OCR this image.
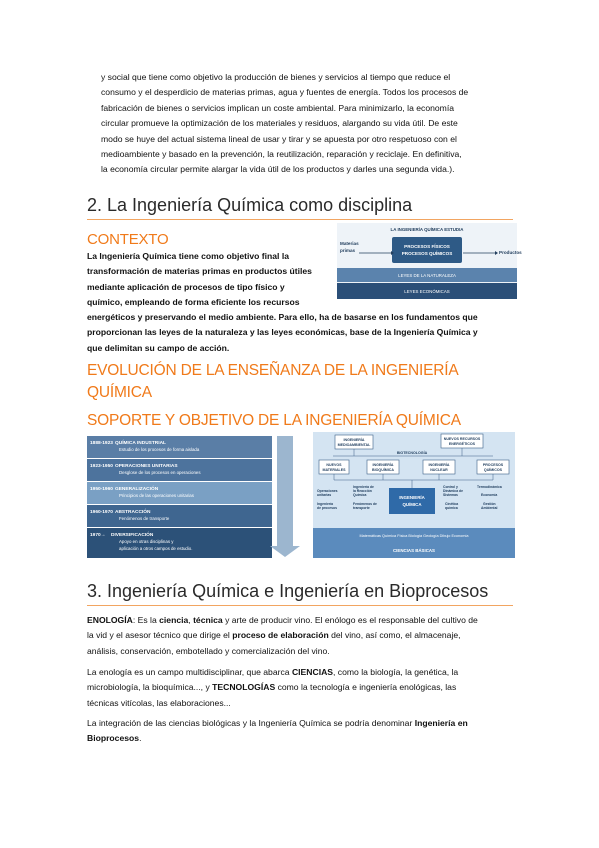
y social que tiene como objetivo la producción de bienes y servicios al tiempo que reduce el
consumo y el desperdicio de materias primas, agua y fuentes de energía. Todos los procesos de
fabricación de bienes o servicios implican un coste ambiental. Para minimizarlo, la economía
circular promueve la optimización de los materiales y residuos, alargando su vida útil. De este
modo se huye del actual sistema lineal de usar y tirar y se apuesta por otro respetuoso con el
medioambiente y basado en la prevención, la reutilización, reparación y reciclaje. En definitiva,
la economía circular permite alargar la vida útil de los productos y darles una segunda vida.).
2. La Ingeniería Química como disciplina
CONTEXTO
La Ingeniería Química tiene como objetivo final la
transformación de materias primas en productos útiles
mediante aplicación de procesos de tipo físico y
químico, empleando de forma eficiente los recursos
energéticos y preservando el medio ambiente. Para ello, ha de basarse en los fundamentos que
proporcionan las leyes de la naturaleza y las leyes económicas, base de la Ingeniería Química y
que delimitan su campo de acción.
LA INGENIERÍA QUÍMICA ESTUDIA
PROCESOS FÍSICOS
PROCESOS QUÍMICOS
Materias
primas	Productos
LEYES DE LA NATURALEZA
LEYES ECONÓMICAS
EVOLUCIÓN DE LA ENSEÑANZA DE LA INGENIERÍA
QUÍMICA
SOPORTE Y OBJETIVO DE LA INGENIERÍA QUÍMICA
1888-1923 QUÍMICA INDUSTRIAL
Estudio de los procesos de forma aislada
1923-1950 OPERACIONES UNITARIAS
Desglose de los procesos en operaciones
1950-1960 GENERALIZACIÓN
Principios de las operaciones unitarias
1960-1970 ABSTRACCIÓN
Fenómenos de transporte
1970→ DIVERSIFICACIÓN
Apoyo en otras disciplinas y
aplicación a otros campos de estudio.
INGENIERÍA
MEDIOAMBIENTAL
NUEVOS RECURSOS
ENERGÉTICOS
BIOTECNOLOGÍA
NUEVOS
MATERIALES
INGENIERÍA
BIOQUÍMICA
INGENIERÍA
NUCLEAR
PROCESOS
QUÍMICOS
INGENIERÍA
QUÍMICA
Operaciones
unitarias
Ingeniería
de procesos
Ingeniería de
la Reacción
Química
Fenómenos de
transporte
Control y
Dinámica de
Sistemas
Cinética
química
Termodinámica
Economía
Gestión
Ambiental
Matemáticas Química Física Biología Geología Dibujo Economía
CIENCIAS BÁSICAS
3. Ingeniería Química e Ingeniería en Bioprocesos
ENOLOGÍA: Es la ciencia, técnica y arte de producir vino. El enólogo es el responsable del cultivo de
la vid y el asesor técnico que dirige el proceso de elaboración del vino, así como, el almacenaje,
análisis, conservación, embotellado y comercialización del vino.
La enología es un campo multidisciplinar, que abarca CIENCIAS, como la biología, la genética, la
microbiología, la bioquímica..., y TECNOLOGÍAS como la tecnología e ingeniería enológicas, las
técnicas vitícolas, las elaboraciones...
La integración de las ciencias biológicas y la Ingeniería Química se podría denominar Ingeniería en
Bioprocesos.
